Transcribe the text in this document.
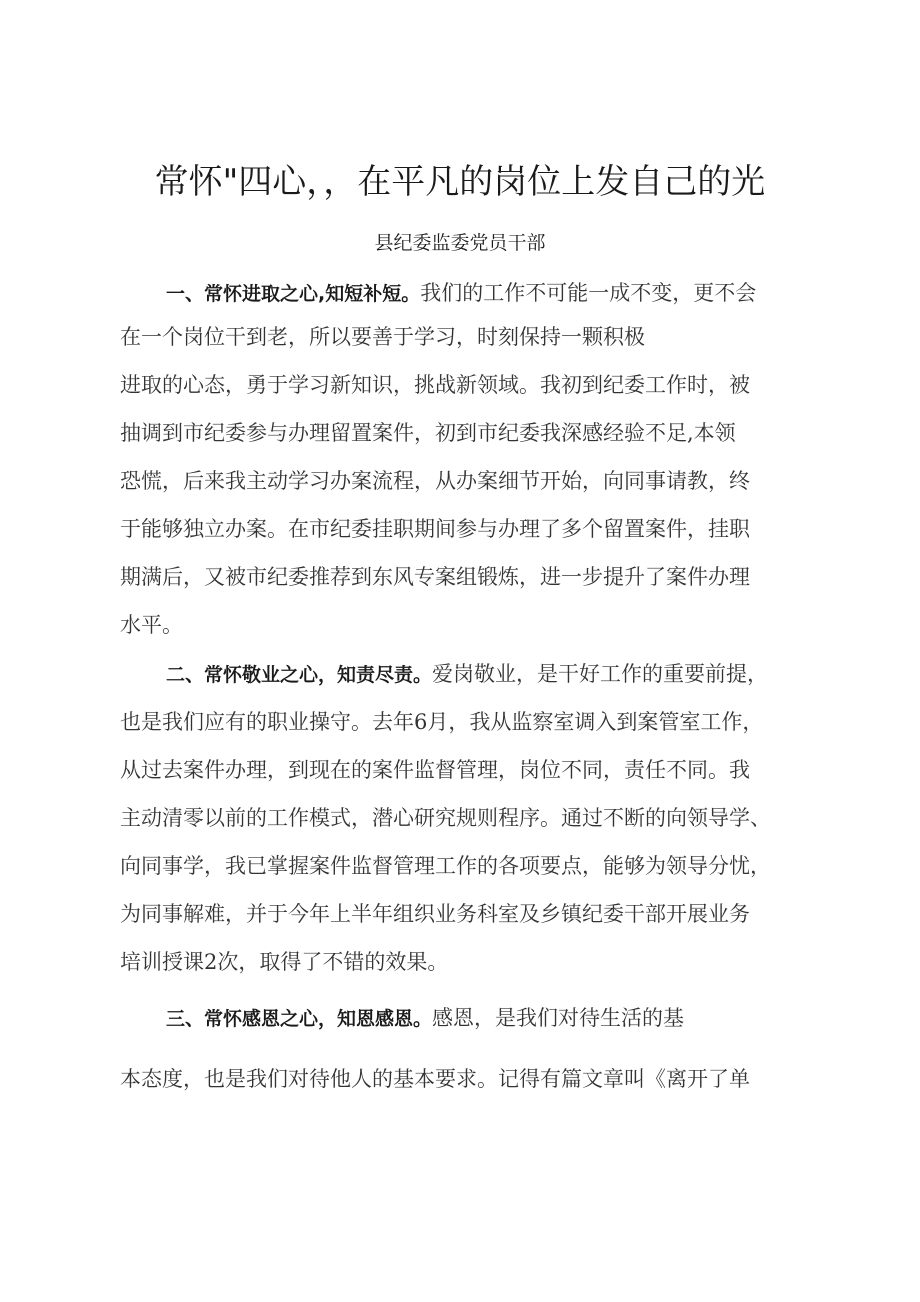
常怀"四心，，在平凡的岗位上发自己的光
县纪委监委党员干部
一、常怀进取之心,知短补短。我们的工作不可能一成不变，更不会
在一个岗位干到老，所以要善于学习，时刻保持一颗积极
进取的心态，勇于学习新知识，挑战新领域。我初到纪委工作时，被
抽调到市纪委参与办理留置案件，初到市纪委我深感经验不足,本领
恐慌，后来我主动学习办案流程，从办案细节开始，向同事请教，终
于能够独立办案。在市纪委挂职期间参与办理了多个留置案件，挂职
期满后，又被市纪委推荐到东风专案组锻炼，进一步提升了案件办理
水平。
二、常怀敬业之心，知责尽责。爱岗敬业，是干好工作的重要前提，
也是我们应有的职业操守。去年6月，我从监察室调入到案管室工作，
从过去案件办理，到现在的案件监督管理，岗位不同，责任不同。我
主动清零以前的工作模式，潜心研究规则程序。通过不断的向领导学、
向同事学，我已掌握案件监督管理工作的各项要点，能够为领导分忧，
为同事解难，并于今年上半年组织业务科室及乡镇纪委干部开展业务
培训授课2次，取得了不错的效果。
三、常怀感恩之心，知恩感恩。感恩，是我们对待生活的基
本态度，也是我们对待他人的基本要求。记得有篇文章叫《离开了单
